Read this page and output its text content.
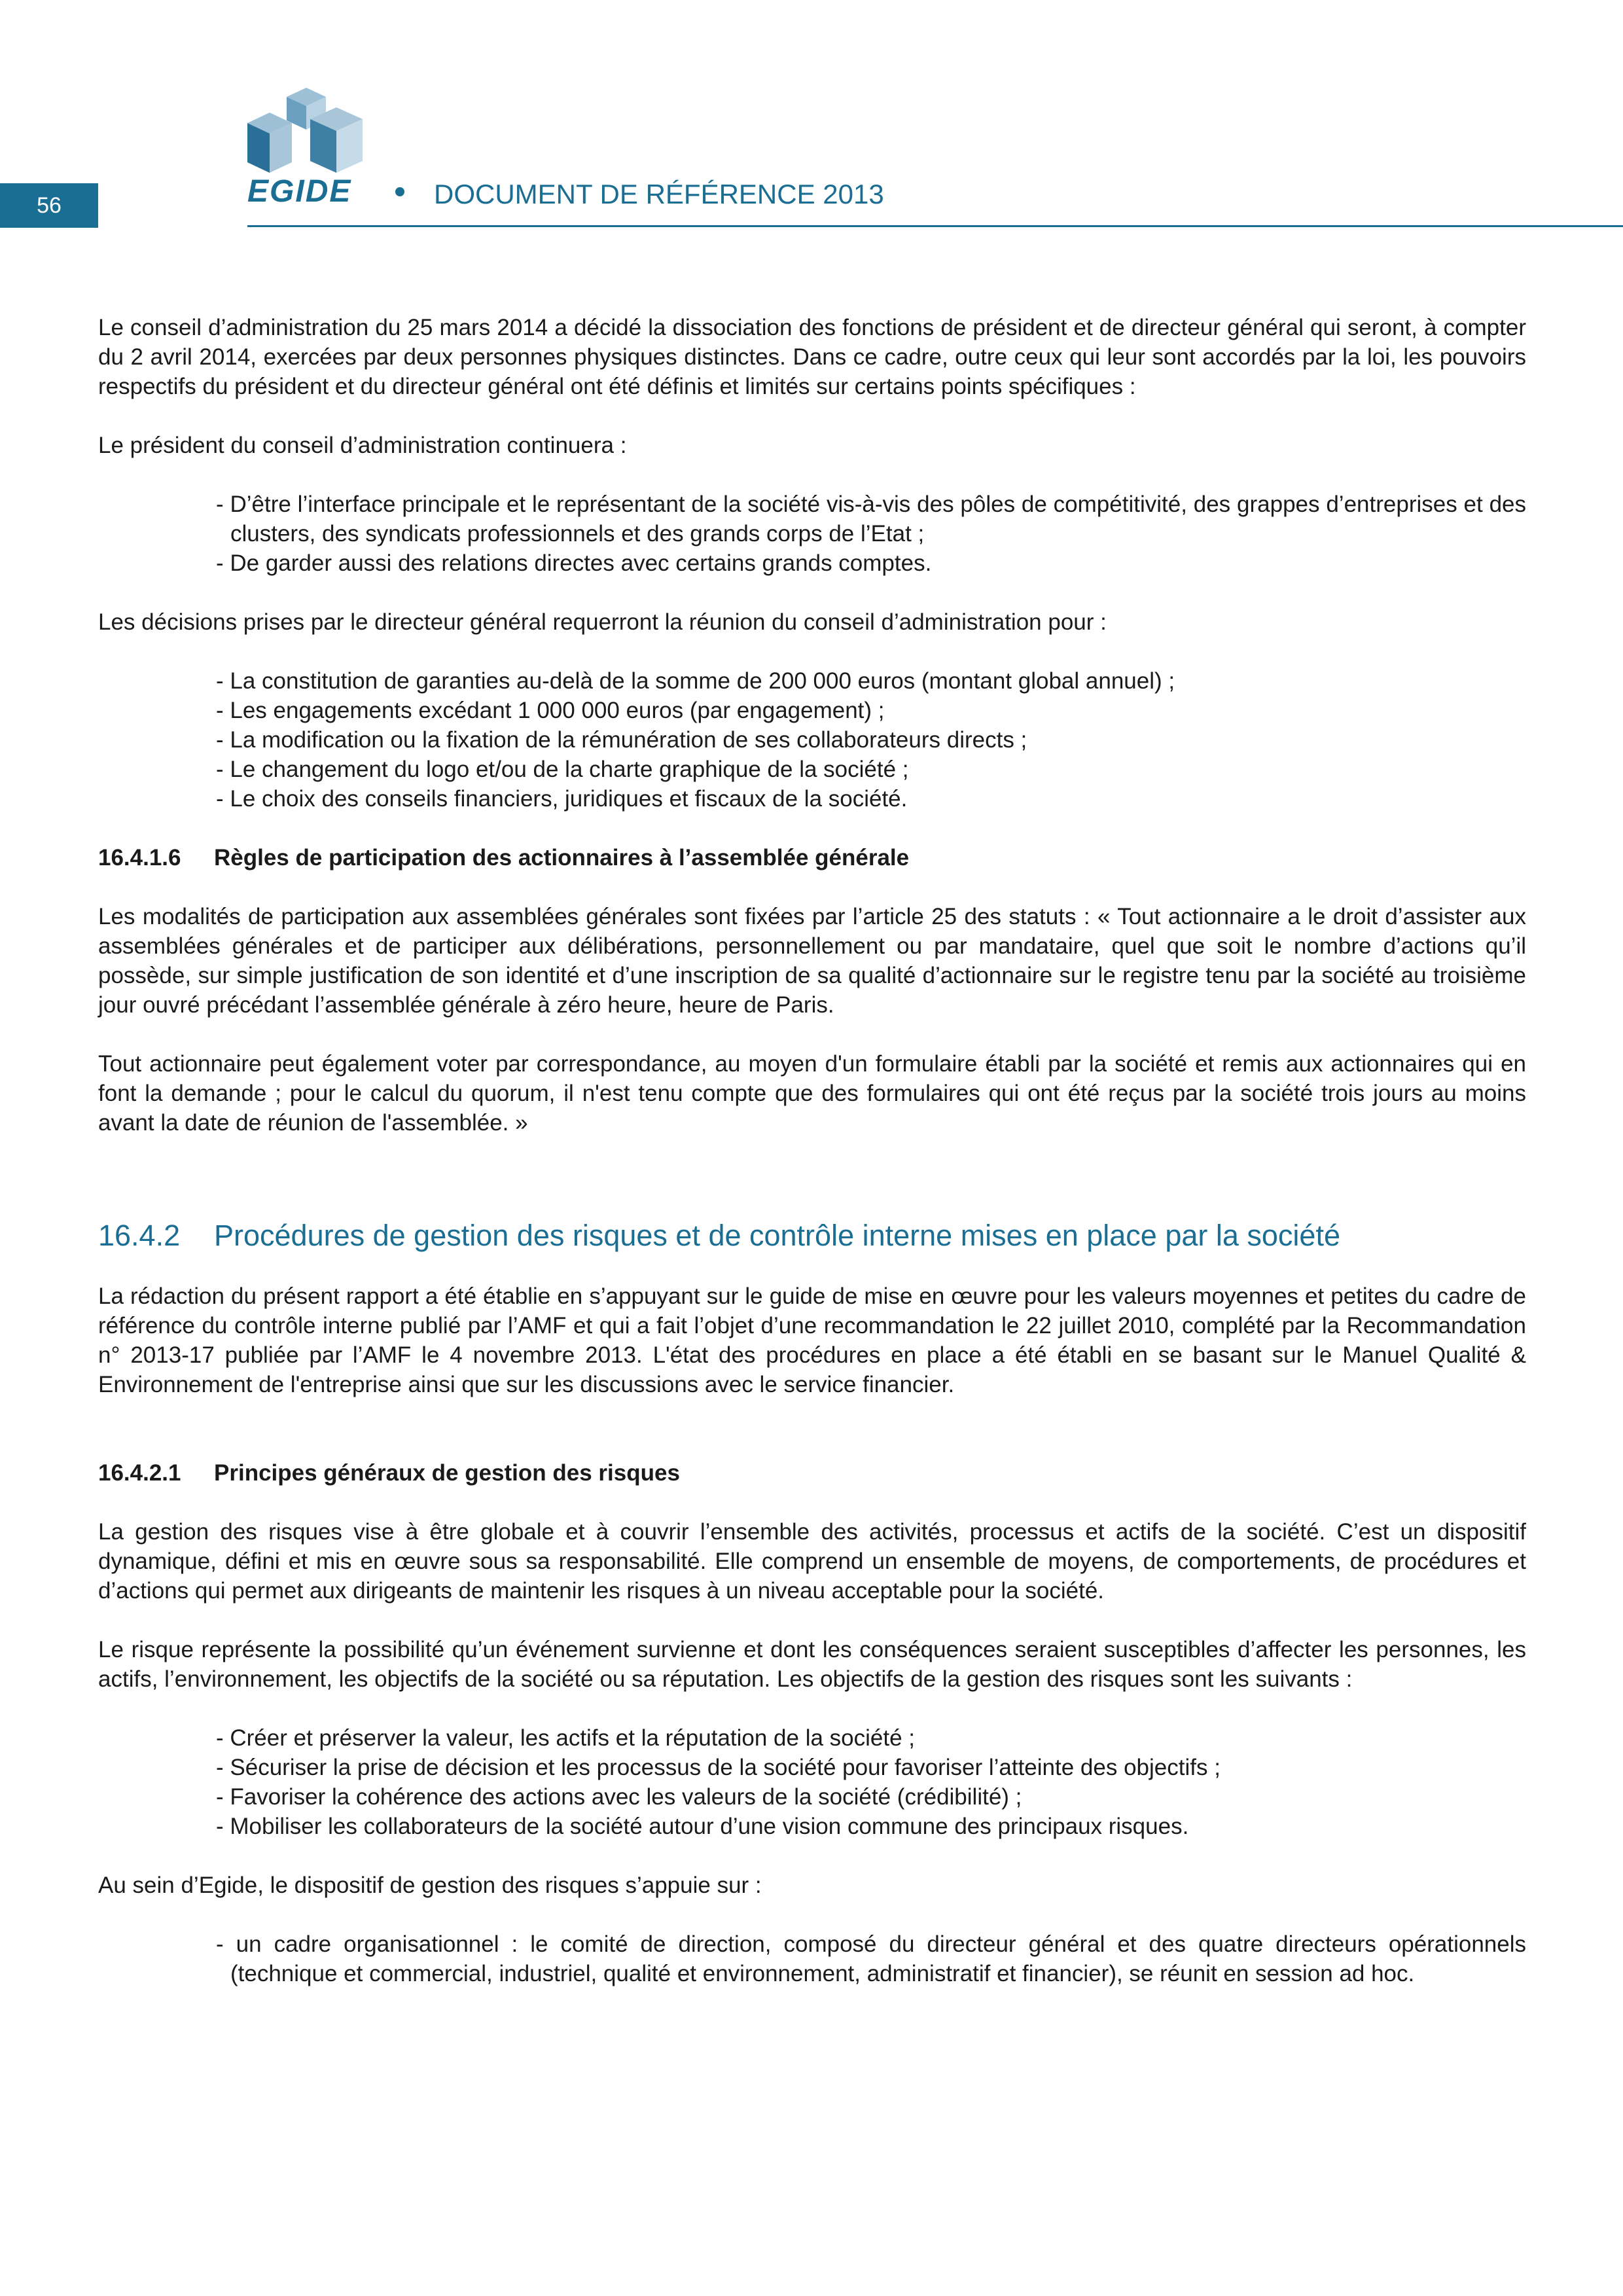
56	EGIDE	DOCUMENT DE RÉFÉRENCE 2013

Le conseil d’administration du 25 mars 2014 a décidé la dissociation des fonctions de président et de directeur général qui seront, à compter du 2 avril 2014, exercées par deux personnes physiques distinctes. Dans ce cadre, outre ceux qui leur sont accordés par la loi, les pouvoirs respectifs du président et du directeur général ont été définis et limités sur certains points spécifiques :

Le président du conseil d’administration continuera :

- D’être l’interface principale et le représentant de la société vis-à-vis des pôles de compétitivité, des grappes d’entreprises et des clusters, des syndicats professionnels et des grands corps de l’Etat ;
- De garder aussi des relations directes avec certains grands comptes.

Les décisions prises par le directeur général requerront la réunion du conseil d’administration pour :

- La constitution de garanties au-delà de la somme de 200 000 euros (montant global annuel) ;
- Les engagements excédant 1 000 000 euros (par engagement) ;
- La modification ou la fixation de la rémunération de ses collaborateurs directs ;
- Le changement du logo et/ou de la charte graphique de la société ;
- Le choix des conseils financiers, juridiques et fiscaux de la société.
16.4.1.6 Règles de participation des actionnaires à l’assemblée générale

Les modalités de participation aux assemblées générales sont fixées par l’article 25 des statuts : « Tout actionnaire a le droit d’assister aux assemblées générales et de participer aux délibérations, personnellement ou par mandataire, quel que soit le nombre d’actions qu’il possède, sur simple justification de son identité et d’une inscription de sa qualité d’actionnaire sur le registre tenu par la société au troisième jour ouvré précédant l’assemblée générale à zéro heure, heure de Paris.

Tout actionnaire peut également voter par correspondance, au moyen d'un formulaire établi par la société et remis aux actionnaires qui en font la demande ; pour le calcul du quorum, il n'est tenu compte que des formulaires qui ont été reçus par la société trois jours au moins avant la date de réunion de l'assemblée. »

16.4.2 Procédures de gestion des risques et de contrôle interne mises en place par la société

La rédaction du présent rapport a été établie en s’appuyant sur le guide de mise en œuvre pour les valeurs moyennes et petites du cadre de référence du contrôle interne publié par l’AMF et qui a fait l’objet d’une recommandation le 22 juillet 2010, complété par la Recommandation n° 2013-17 publiée par l’AMF le 4 novembre 2013. L'état des procédures en place a été établi en se basant sur le Manuel Qualité & Environnement de l'entreprise ainsi que sur les discussions avec le service financier.

16.4.2.1 Principes généraux de gestion des risques

La gestion des risques vise à être globale et à couvrir l’ensemble des activités, processus et actifs de la société. C’est un dispositif dynamique, défini et mis en œuvre sous sa responsabilité. Elle comprend un ensemble de moyens, de comportements, de procédures et d’actions qui permet aux dirigeants de maintenir les risques à un niveau acceptable pour la société.

Le risque représente la possibilité qu’un événement survienne et dont les conséquences seraient susceptibles d’affecter les personnes, les actifs, l’environnement, les objectifs de la société ou sa réputation. Les objectifs de la gestion des risques sont les suivants :

- Créer et préserver la valeur, les actifs et la réputation de la société ;
- Sécuriser la prise de décision et les processus de la société pour favoriser l’atteinte des objectifs ;
- Favoriser la cohérence des actions avec les valeurs de la société (crédibilité) ;
- Mobiliser les collaborateurs de la société autour d’une vision commune des principaux risques.

Au sein d’Egide, le dispositif de gestion des risques s’appuie sur :

- un cadre organisationnel : le comité de direction, composé du directeur général et des quatre directeurs opérationnels (technique et commercial, industriel, qualité et environnement, administratif et financier), se réunit en session ad hoc.
